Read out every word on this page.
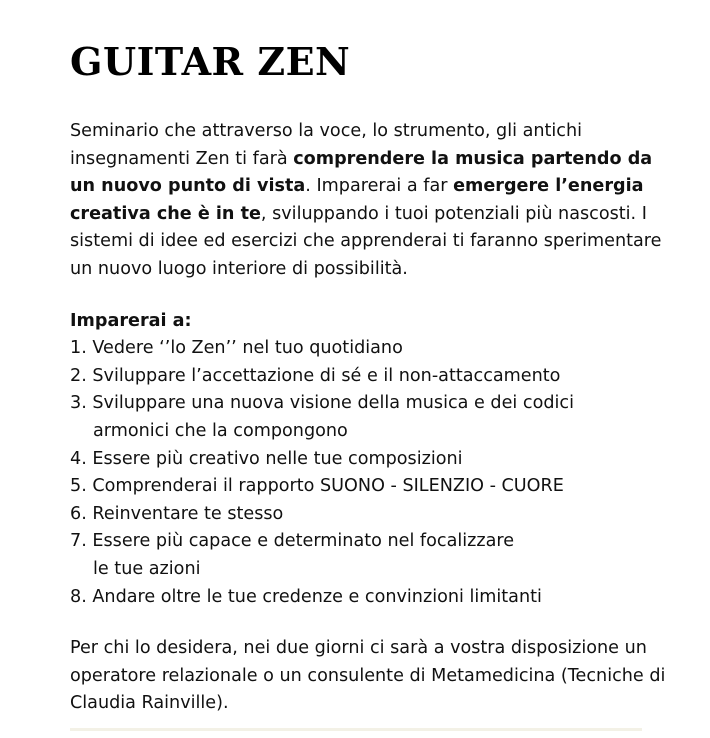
GUITAR ZEN

Seminario che attraverso la voce, lo strumento, gli antichi insegnamenti Zen ti farà comprendere la musica partendo da un nuovo punto di vista. Imparerai a far emergere l’energia creativa che è in te, sviluppando i tuoi potenziali più nascosti. I sistemi di idee ed esercizi che apprenderai ti faranno sperimentare un nuovo luogo interiore di possibilità.

Imparerai a:
1. Vedere ‘’lo Zen’’ nel tuo quotidiano
2. Sviluppare l’accettazione di sé e il non-attaccamento
3. Sviluppare una nuova visione della musica e dei codici
armonici che la compongono
4. Essere più creativo nelle tue composizioni
5. Comprenderai il rapporto SUONO - SILENZIO - CUORE
6. Reinventare te stesso
7. Essere più capace e determinato nel focalizzare
le tue azioni
8. Andare oltre le tue credenze e convinzioni limitanti

Per chi lo desidera, nei due giorni ci sarà a vostra disposizione un operatore relazionale o un consulente di Metamedicina (Tecniche di Claudia Rainville).
